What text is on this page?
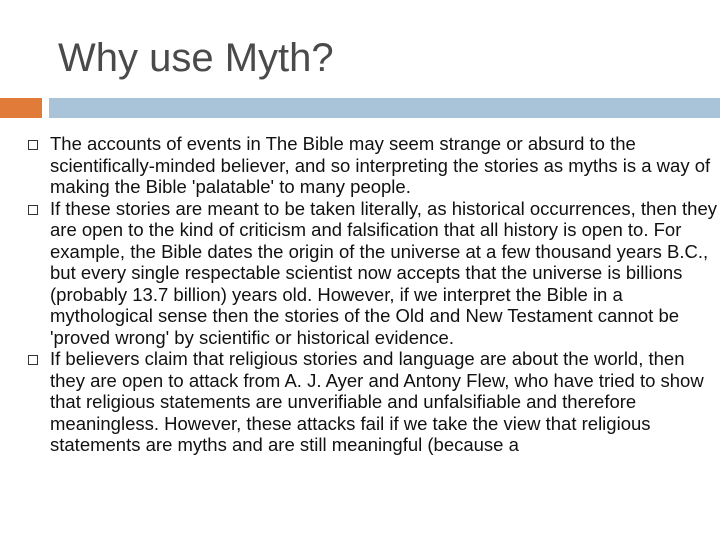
Why use Myth?
The accounts of events in The Bible may seem strange or absurd to the scientifically-minded believer, and so interpreting the stories as myths is a way of making the Bible 'palatable' to many people.
If these stories are meant to be taken literally, as historical occurrences, then they are open to the kind of criticism and falsification that all history is open to. For example, the Bible dates the origin of the universe at a few thousand years B.C., but every single respectable scientist now accepts that the universe is billions (probably 13.7 billion) years old. However, if we interpret the Bible in a mythological sense then the stories of the Old and New Testament cannot be 'proved wrong' by scientific or historical evidence.
If believers claim that religious stories and language are about the world, then they are open to attack from A. J. Ayer and Antony Flew, who have tried to show that religious statements are unverifiable and unfalsifiable and therefore meaningless. However, these attacks fail if we take the view that religious statements are myths and are still meaningful (because a
